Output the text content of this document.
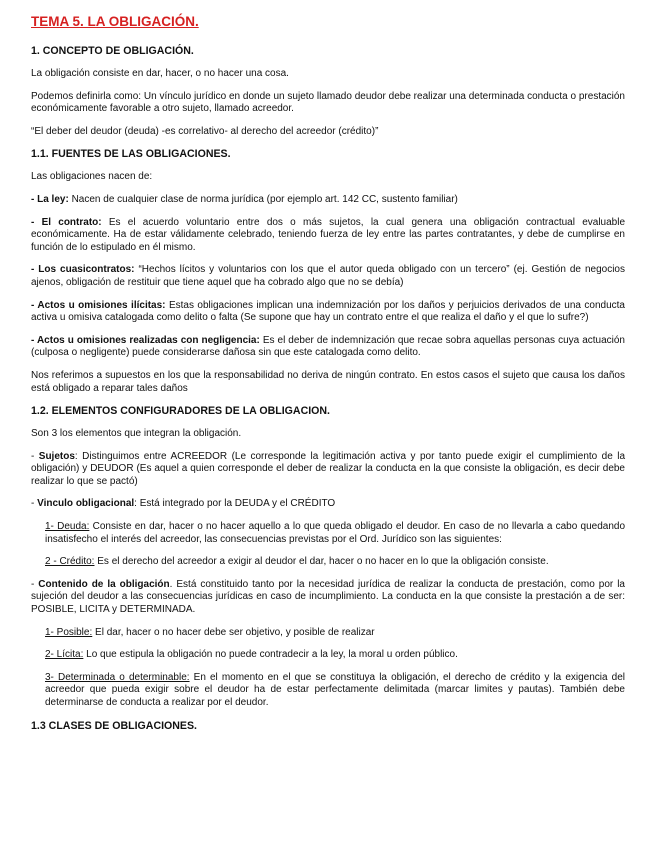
TEMA 5. LA OBLIGACIÓN.
1. CONCEPTO DE OBLIGACIÓN.
La obligación consiste en dar, hacer, o no hacer una cosa.
Podemos definirla como: Un vínculo jurídico en donde un sujeto llamado deudor debe realizar una determinada conducta o prestación económicamente favorable a otro sujeto, llamado acreedor.
“El deber del deudor (deuda) -es correlativo- al derecho del acreedor (crédito)”
1.1. FUENTES DE LAS OBLIGACIONES.
Las obligaciones nacen de:
- La ley: Nacen de cualquier clase de norma jurídica (por ejemplo art. 142 CC, sustento familiar)
- El contrato: Es el acuerdo voluntario entre dos o más sujetos, la cual genera una obligación contractual evaluable económicamente. Ha de estar válidamente celebrado, teniendo fuerza de ley entre las partes contratantes, y debe de cumplirse en función de lo estipulado en él mismo.
- Los cuasicontratos: “Hechos lícitos y voluntarios con los que el autor queda obligado con un tercero” (ej. Gestión de negocios ajenos, obligación de restituir que tiene aquel que ha cobrado algo que no se debía)
- Actos u omisiones ilícitas: Estas obligaciones implican una indemnización por los daños y perjuicios derivados de una conducta activa u omisiva catalogada como delito o falta (Se supone que hay un contrato entre el que realiza el daño y el que lo sufre?)
- Actos u omisiones realizadas con negligencia: Es el deber de indemnización que recae sobra aquellas personas cuya actuación (culposa o negligente) puede considerarse dañosa sin que este catalogada como delito.
Nos referimos a supuestos en los que la responsabilidad no deriva de ningún contrato. En estos casos el sujeto que causa los daños está obligado a reparar tales daños
1.2. ELEMENTOS CONFIGURADORES DE LA OBLIGACION.
Son 3 los elementos que integran la obligación.
- Sujetos: Distinguimos entre ACREEDOR (Le corresponde la legitimación activa y por tanto puede exigir el cumplimiento de la obligación) y DEUDOR (Es aquel a quien corresponde el deber de realizar la conducta en la que consiste la obligación, es decir debe realizar lo que se pactó)
- Vinculo obligacional: Está integrado por la DEUDA y el CRÉDITO
1- Deuda: Consiste en dar, hacer o no hacer aquello a lo que queda obligado el deudor. En caso de no llevarla a cabo quedando insatisfecho el interés del acreedor, las consecuencias previstas por el Ord. Jurídico son las siguientes:
2 - Crédito: Es el derecho del acreedor a exigir al deudor el dar, hacer o no hacer en lo que la obligación consiste.
- Contenido de la obligación. Está constituido tanto por la necesidad jurídica de realizar la conducta de prestación, como por la sujeción del deudor a las consecuencias jurídicas en caso de incumplimiento. La conducta en la que consiste la prestación a de ser: POSIBLE, LICITA y DETERMINADA.
1- Posible: El dar, hacer o no hacer debe ser objetivo, y posible de realizar
2- Lícita: Lo que estipula la obligación no puede contradecir a la ley, la moral u orden público.
3- Determinada o determinable: En el momento en el que se constituya la obligación, el derecho de crédito y la exigencia del acreedor que pueda exigir sobre el deudor ha de estar perfectamente delimitada (marcar limites y pautas). También debe determinarse de conducta a realizar por el deudor.
1.3 CLASES DE OBLIGACIONES.
